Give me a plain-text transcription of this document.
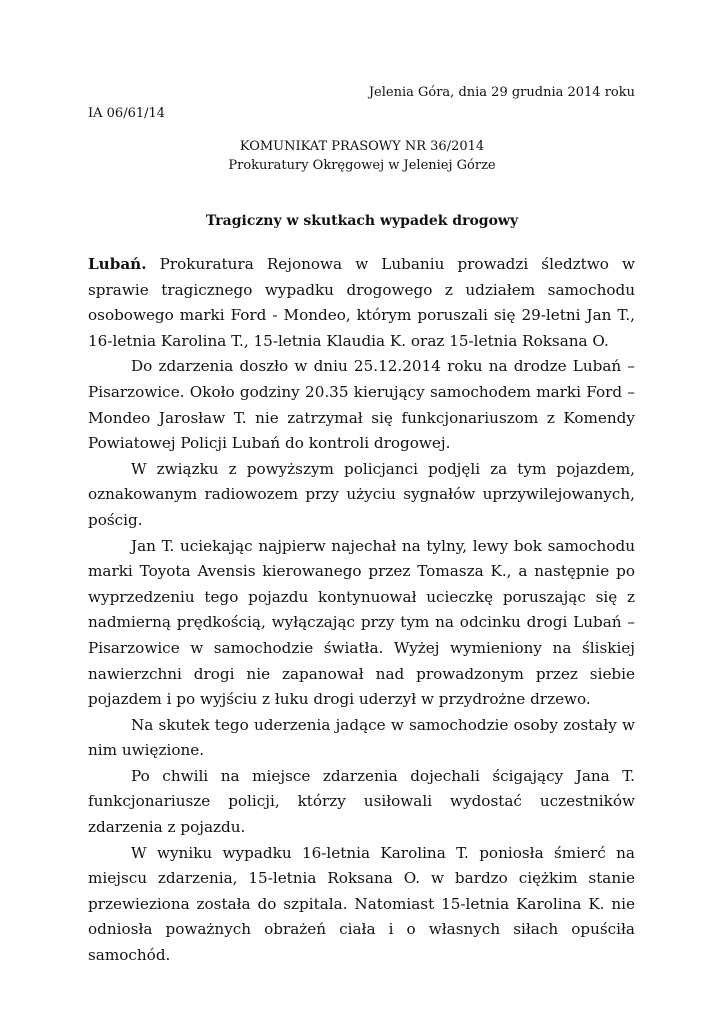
Jelenia Góra, dnia 29 grudnia 2014 roku
IA 06/61/14
KOMUNIKAT PRASOWY NR 36/2014
Prokuratury Okręgowej w Jeleniej Górze
Tragiczny w skutkach wypadek drogowy

Lubań. Prokuratura Rejonowa w Lubaniu prowadzi śledztwo w sprawie tragicznego wypadku drogowego z udziałem samochodu osobowego marki Ford - Mondeo, którym poruszali się 29-letni Jan T., 16-letnia Karolina T., 15-letnia Klaudia K. oraz 15-letnia Roksana O.

Do zdarzenia doszło w dniu 25.12.2014 roku na drodze Lubań – Pisarzowice. Około godziny 20.35 kierujący samochodem marki Ford – Mondeo Jarosław T. nie zatrzymał się funkcjonariuszom z Komendy Powiatowej Policji Lubań do kontroli drogowej.

W związku z powyższym policjanci podjęli za tym pojazdem, oznakowanym radiowozem przy użyciu sygnałów uprzywilejowanych, pościg.

Jan T. uciekając najpierw najechał na tylny, lewy bok samochodu marki Toyota Avensis kierowanego przez Tomasza K., a następnie po wyprzedzeniu tego pojazdu kontynuował ucieczkę poruszając się z nadmierną prędkością, wyłączając przy tym na odcinku drogi Lubań – Pisarzowice w samochodzie światła. Wyżej wymieniony na śliskiej nawierzchni drogi nie zapanował nad prowadzonym przez siebie pojazdem i po wyjściu z łuku drogi uderzył w przydrożne drzewo.

Na skutek tego uderzenia jadące w samochodzie osoby zostały w nim uwięzione.

Po chwili na miejsce zdarzenia dojechali ścigający Jana T. funkcjonariusze policji, którzy usiłowali wydostać uczestników zdarzenia z pojazdu.

W wyniku wypadku 16-letnia Karolina T. poniosła śmierć na miejscu zdarzenia, 15-letnia Roksana O. w bardzo ciężkim stanie przewieziona została do szpitala. Natomiast 15-letnia Karolina K. nie odniosła poważnych obrażeń ciała i o własnych siłach opuściła samochód.
